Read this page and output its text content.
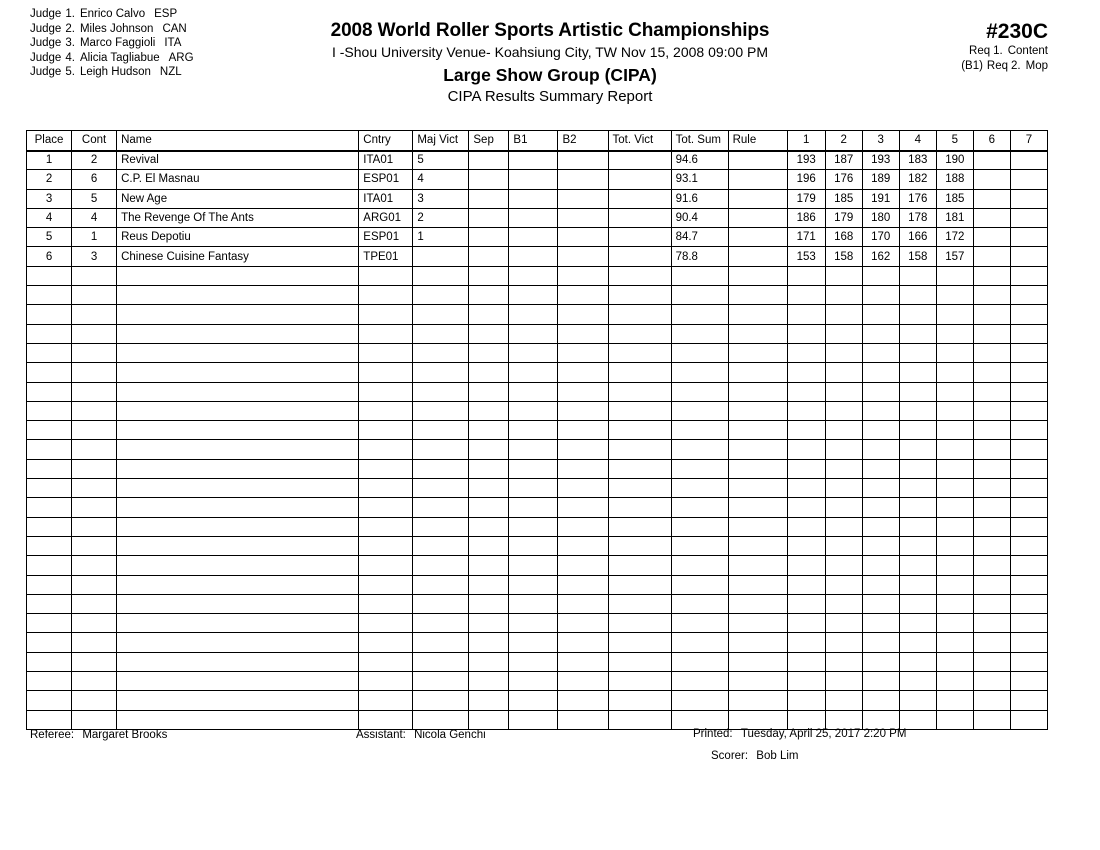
Judge 1. Enrico Calvo ESP
Judge 2. Miles Johnson CAN
Judge 3. Marco Faggioli ITA
Judge 4. Alicia Tagliabue ARG
Judge 5. Leigh Hudson NZL
2008 World Roller Sports Artistic Championships
I -Shou University Venue- Koahsiung City, TW Nov 15, 2008 09:00 PM
Large Show Group (CIPA)
CIPA Results Summary Report
#230C
Req 1. Content
(B1) Req 2. Mop
Place	Cont	Name	Cntry	Maj Vict	Sep	B1	B2	Tot. Vict	Tot. Sum	Rule	1	2	3	4	5	6	7
1	2	Revival	ITA01	5					94.6		193	187	193	183	190		
2	6	C.P. El Masnau	ESP01	4					93.1		196	176	189	182	188		
3	5	New Age	ITA01	3					91.6		179	185	191	176	185		
4	4	The Revenge Of The Ants	ARG01	2					90.4		186	179	180	178	181		
5	1	Reus Depotiu	ESP01	1					84.7		171	168	170	166	172		
6	3	Chinese Cuisine Fantasy	TPE01						78.8		153	158	162	158	157		

Referee: Margaret Brooks	Assistant: Nicola Genchi	Printed: Tuesday, April 25, 2017 2:20 PM
Scorer: Bob Lim
